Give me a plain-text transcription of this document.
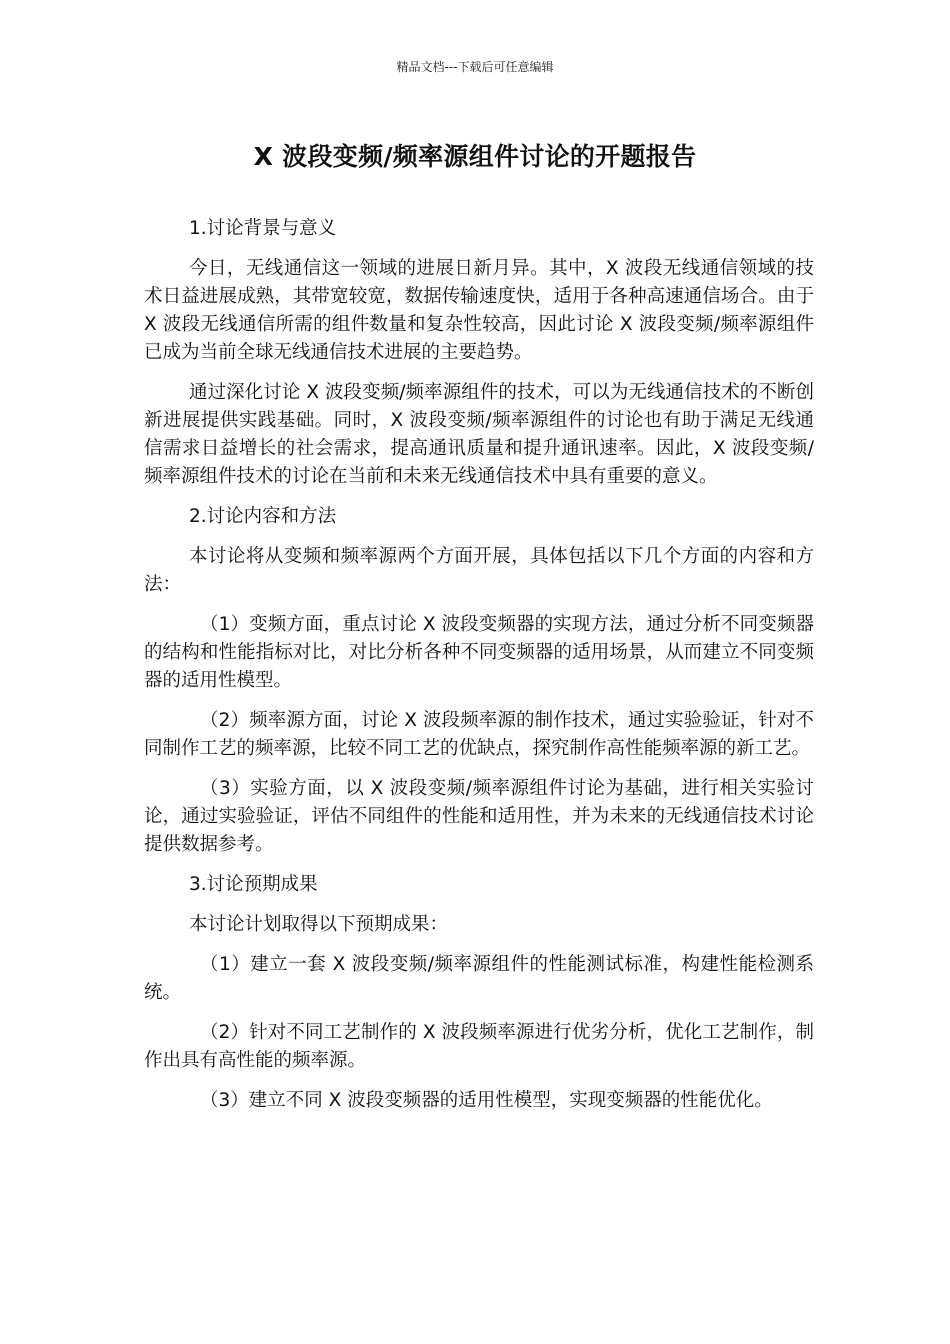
精品文档---下载后可任意编辑
X 波段变频/频率源组件讨论的开题报告

1.讨论背景与意义

今日，无线通信这一领域的进展日新月异。其中，X 波段无线通信领域的技术日益进展成熟，其带宽较宽，数据传输速度快，适用于各种高速通信场合。由于 X 波段无线通信所需的组件数量和复杂性较高，因此讨论 X 波段变频/频率源组件已成为当前全球无线通信技术进展的主要趋势。

通过深化讨论 X 波段变频/频率源组件的技术，可以为无线通信技术的不断创新进展提供实践基础。同时，X 波段变频/频率源组件的讨论也有助于满足无线通信需求日益增长的社会需求，提高通讯质量和提升通讯速率。因此，X 波段变频/频率源组件技术的讨论在当前和未来无线通信技术中具有重要的意义。

2.讨论内容和方法

本讨论将从变频和频率源两个方面开展，具体包括以下几个方面的内容和方法：

（1）变频方面，重点讨论 X 波段变频器的实现方法，通过分析不同变频器的结构和性能指标对比，对比分析各种不同变频器的适用场景，从而建立不同变频器的适用性模型。

（2）频率源方面，讨论 X 波段频率源的制作技术，通过实验验证，针对不同制作工艺的频率源，比较不同工艺的优缺点，探究制作高性能频率源的新工艺。

（3）实验方面，以 X 波段变频/频率源组件讨论为基础，进行相关实验讨论，通过实验验证，评估不同组件的性能和适用性，并为未来的无线通信技术讨论提供数据参考。

3.讨论预期成果

本讨论计划取得以下预期成果：

（1）建立一套 X 波段变频/频率源组件的性能测试标准，构建性能检测系统。

（2）针对不同工艺制作的 X 波段频率源进行优劣分析，优化工艺制作，制作出具有高性能的频率源。

（3）建立不同 X 波段变频器的适用性模型，实现变频器的性能优化。
